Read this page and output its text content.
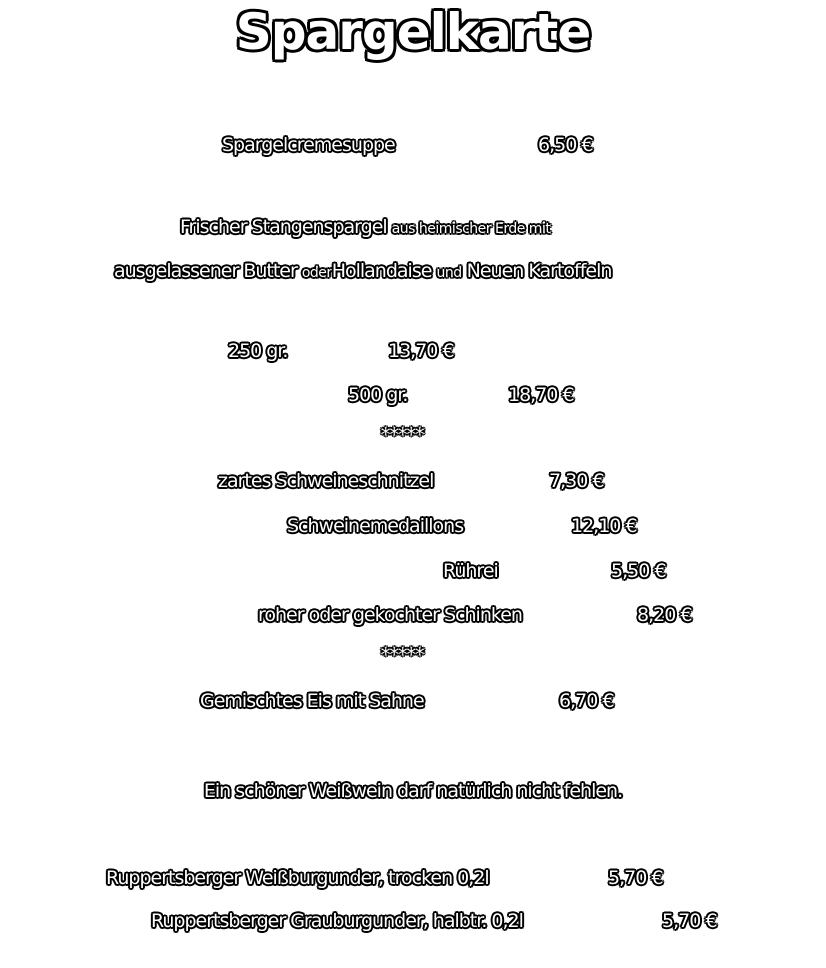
Spargelkarte
Spargelcremesuppe	6,50 €
Frischer Stangenspargel aus heimischer Erde mit
ausgelassener Butter oderHollandaise und Neuen Kartoffeln
250 gr.	13,70 €
500 gr.	18,70 €
*****
zartes Schweineschnitzel	7,30 €
Schweinemedaillons	12,10 €
Rührei	5,50 €
roher oder gekochter Schinken	8,20 €
*****
Gemischtes Eis mit Sahne	6,70 €
Ein schöner Weißwein darf natürlich nicht fehlen.
Ruppertsberger Weißburgunder, trocken 0,2l	5,70 €
Ruppertsberger Grauburgunder, halbtr. 0,2l	5,70 €
